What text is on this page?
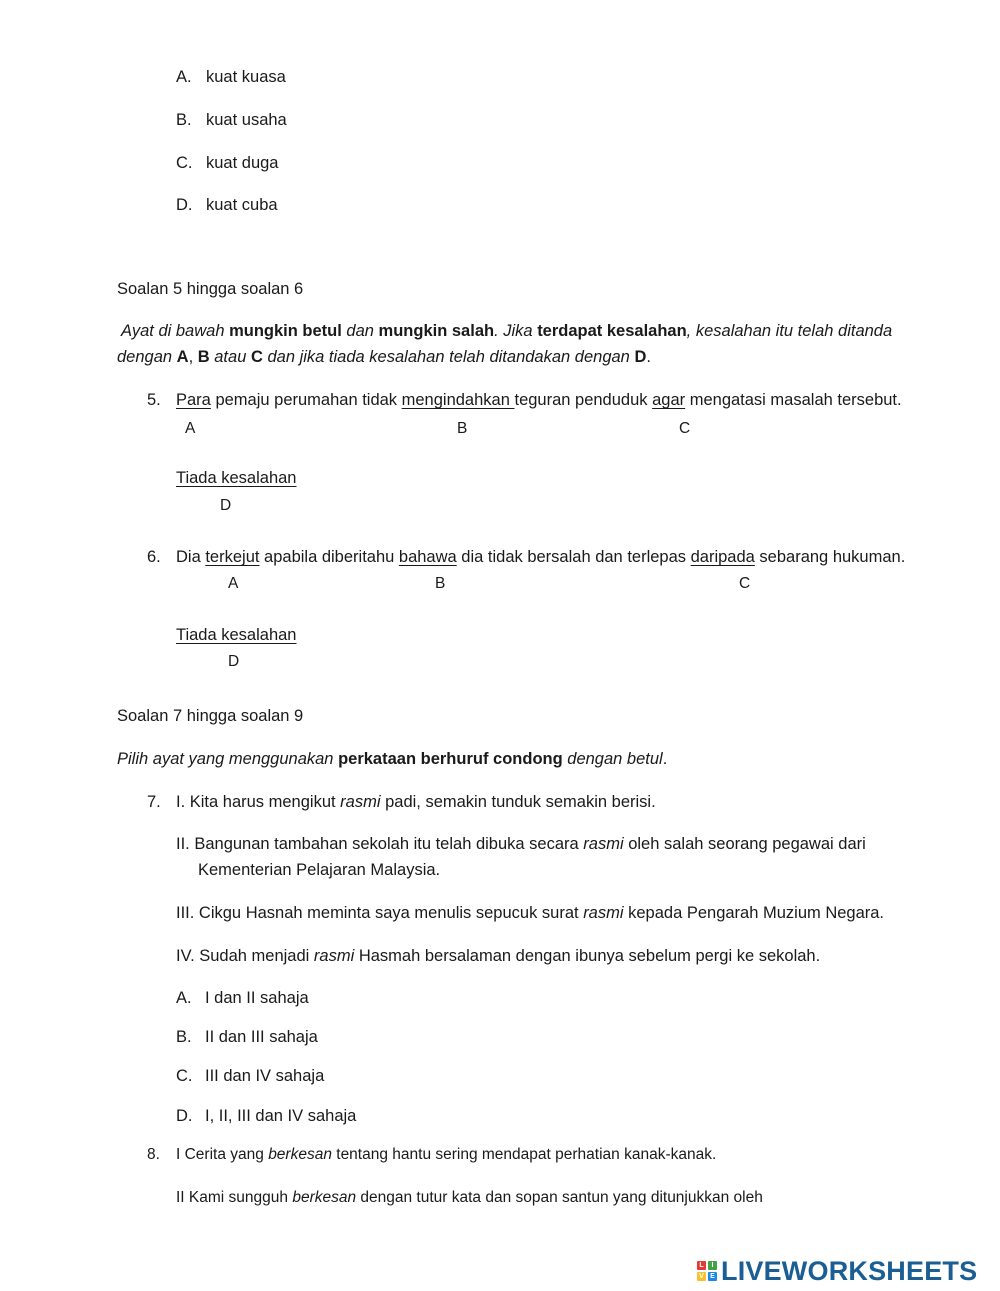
A. kuat kuasa
B. kuat usaha
C. kuat duga
D. kuat cuba
Soalan 5 hingga soalan 6
Ayat di bawah mungkin betul dan mungkin salah. Jika terdapat kesalahan, kesalahan itu telah ditanda
dengan A, B atau C dan jika tiada kesalahan telah ditandakan dengan D.
5. Para pemaju perumahan tidak mengindahkan teguran penduduk agar mengatasi masalah tersebut.
A	B	C
Tiada kesalahan
D
6. Dia terkejut apabila diberitahu bahawa dia tidak bersalah dan terlepas daripada sebarang hukuman.
A	B	C
Tiada kesalahan
D
Soalan 7 hingga soalan 9
Pilih ayat yang menggunakan perkataan berhuruf condong dengan betul.
7. I. Kita harus mengikut rasmi padi, semakin tunduk semakin berisi.
II. Bangunan tambahan sekolah itu telah dibuka secara rasmi oleh salah seorang pegawai dari
Kementerian Pelajaran Malaysia.
III. Cikgu Hasnah meminta saya menulis sepucuk surat rasmi kepada Pengarah Muzium Negara.
IV. Sudah menjadi rasmi Hasmah bersalaman dengan ibunya sebelum pergi ke sekolah.
A. I dan II sahaja
B. II dan III sahaja
C. III dan IV sahaja
D. I, II, III dan IV sahaja
8. I Cerita yang berkesan tentang hantu sering mendapat perhatian kanak-kanak.
II Kami sungguh berkesan dengan tutur kata dan sopan santun yang ditunjukkan oleh
L	I
V E LIVEWORKSHEETS
